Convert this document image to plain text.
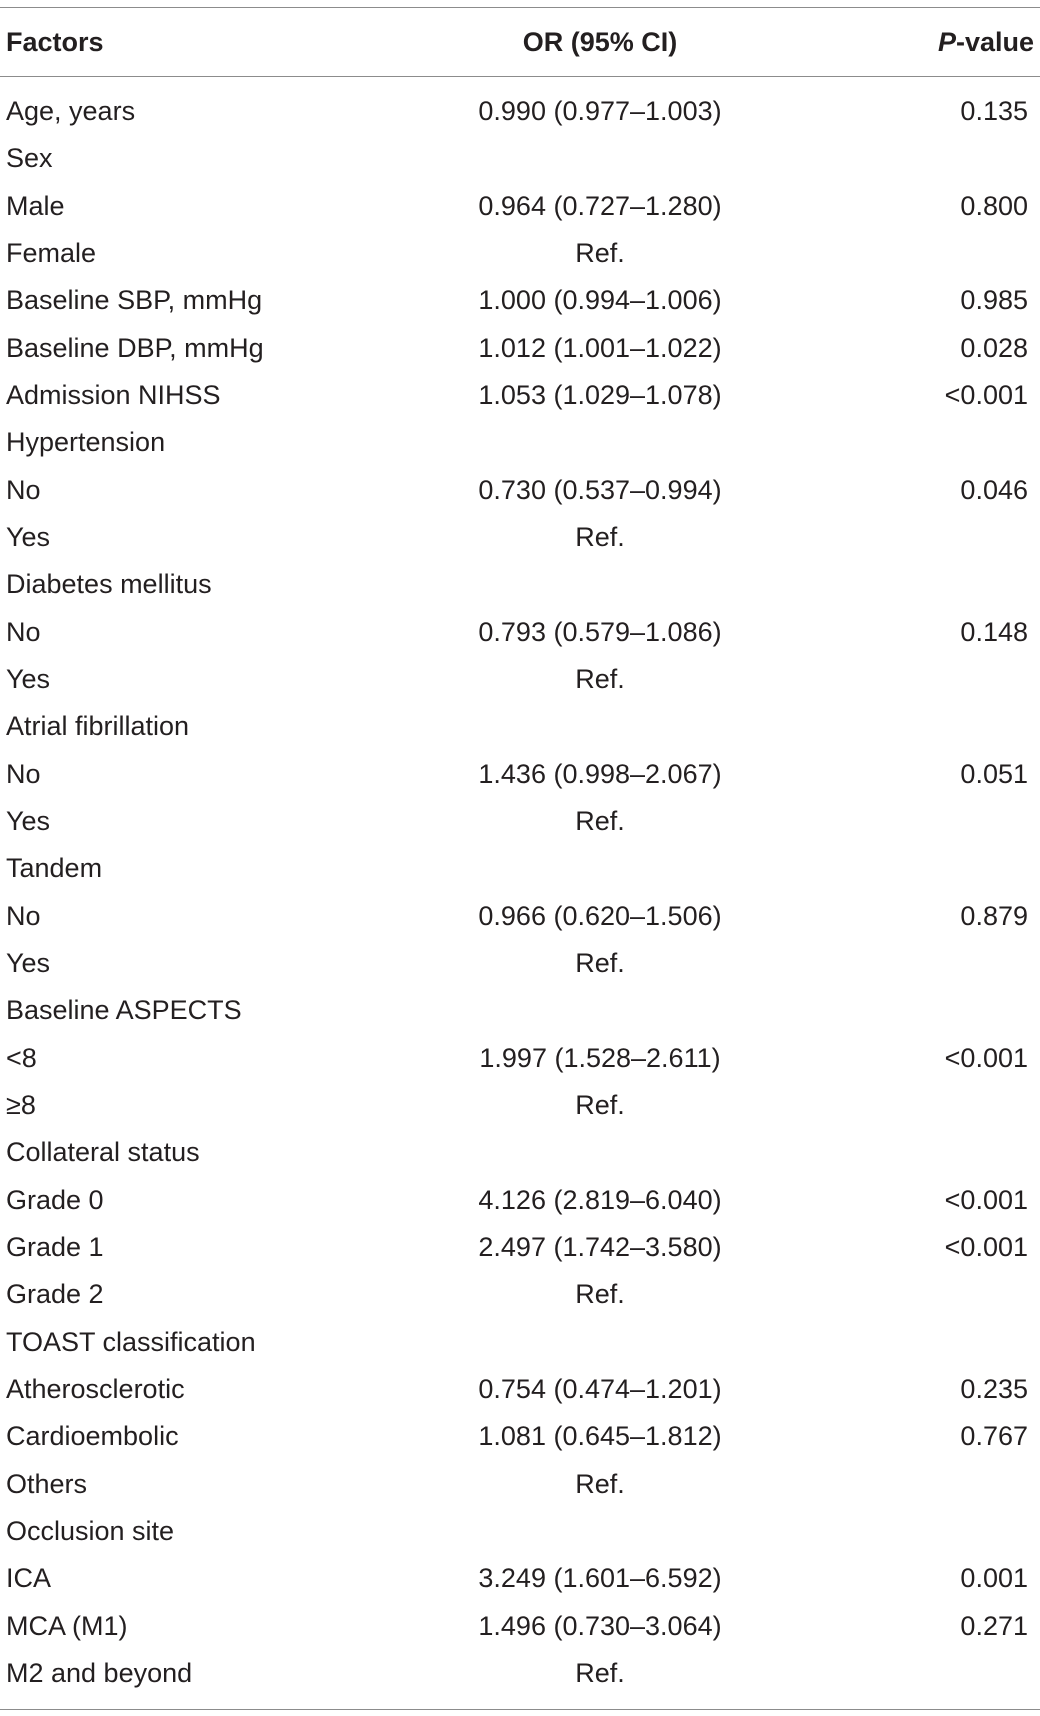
Factors	OR (95% CI)	P-value
Age, years	0.990 (0.977–1.003)	0.135
Sex
Male	0.964 (0.727–1.280)	0.800
Female	Ref.
Baseline SBP, mmHg	1.000 (0.994–1.006)	0.985
Baseline DBP, mmHg	1.012 (1.001–1.022)	0.028
Admission NIHSS	1.053 (1.029–1.078)	<0.001
Hypertension
No	0.730 (0.537–0.994)	0.046
Yes	Ref.
Diabetes mellitus
No	0.793 (0.579–1.086)	0.148
Yes	Ref.
Atrial fibrillation
No	1.436 (0.998–2.067)	0.051
Yes	Ref.
Tandem
No	0.966 (0.620–1.506)	0.879
Yes	Ref.
Baseline ASPECTS
<8	1.997 (1.528–2.611)	<0.001
≥8	Ref.
Collateral status
Grade 0	4.126 (2.819–6.040)	<0.001
Grade 1	2.497 (1.742–3.580)	<0.001
Grade 2	Ref.
TOAST classification
Atherosclerotic	0.754 (0.474–1.201)	0.235
Cardioembolic	1.081 (0.645–1.812)	0.767
Others	Ref.
Occlusion site
ICA	3.249 (1.601–6.592)	0.001
MCA (M1)	1.496 (0.730–3.064)	0.271
M2 and beyond	Ref.
